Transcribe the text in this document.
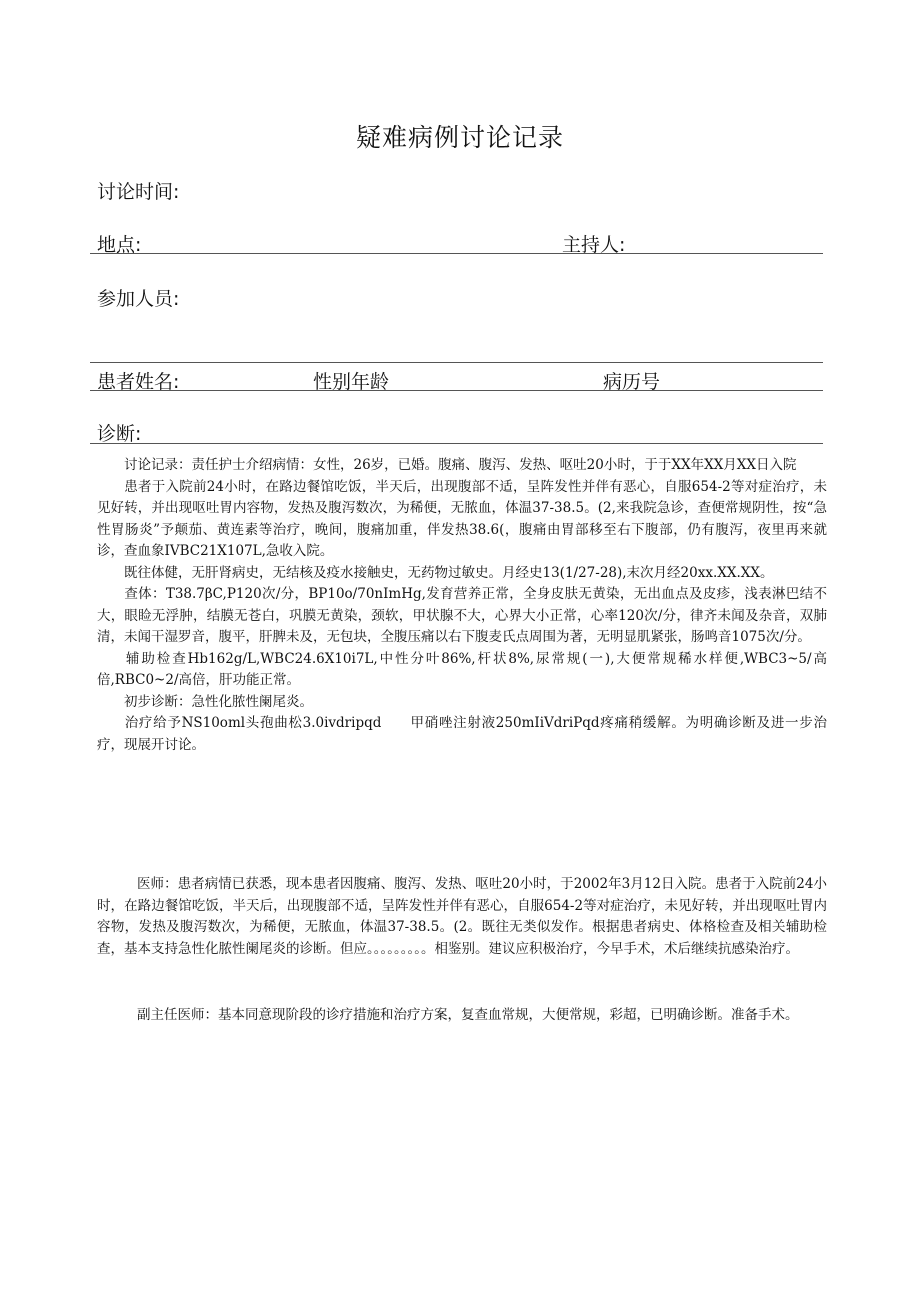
疑难病例讨论记录
讨论时间:
地点:	主持人:
参加人员:
患者姓名:	性别年龄	病历号
诊断:
讨论记录：责任护士介绍病情：女性，26岁，已婚。腹痛、腹泻、发热、呕吐20小时，于于XX年XX月XX日入院
患者于入院前24小时，在路边餐馆吃饭，半天后，出现腹部不适，呈阵发性并伴有恶心，自服654-2等对症治疗，未见好转，并出现呕吐胃内容物，发热及腹泻数次，为稀便，无脓血，体温37-38.5。(2,来我院急诊，查便常规阴性，按“急性胃肠炎”予颠茄、黄连素等治疗，晚间，腹痛加重，伴发热38.6(，腹痛由胃部移至右下腹部，仍有腹泻，夜里再来就诊，查血象IVBC21X107L,急收入院。
既往体健，无肝肾病史，无结核及疫水接触史，无药物过敏史。月经史13(1/27-28),末次月经20xx.XX.XX。
查体：T38.7βC,P120次/分，BP10o/70nImHg,发育营养正常，全身皮肤无黄染，无出血点及皮疹，浅表淋巴结不大，眼睑无浮肿，结膜无苍白，巩膜无黄染，颈软，甲状腺不大，心界大小正常，心率120次/分，律齐未闻及杂音，双肺清，未闻干湿罗音，腹平，肝脾未及，无包块，全腹压痛以右下腹麦氏点周围为著，无明显肌紧张，肠鸣音1075次/分。
辅助检查Hb162g/L,WBC24.6X10i7L,中性分叶86%,杆状8%,尿常规(一),大便常规稀水样便,WBC3~5/高倍,RBC0~2/高倍，肝功能正常。
初步诊断：急性化脓性阑尾炎。
治疗给予NS10oml头孢曲松3.0ivdripqd　　甲硝唑注射液250mIiVdriPqd疼痛稍缓解。为明确诊断及进一步治疗，现展开讨论。
医师：患者病情已获悉，现本患者因腹痛、腹泻、发热、呕吐20小时，于2002年3月12日入院。患者于入院前24小时，在路边餐馆吃饭，半天后，出现腹部不适，呈阵发性并伴有恶心，自服654-2等对症治疗，未见好转，并出现呕吐胃内容物，发热及腹泻数次，为稀便，无脓血，体温37-38.5。(2。既往无类似发作。根据患者病史、体格检查及相关辅助检查，基本支持急性化脓性阑尾炎的诊断。但应。。。。。。。。。相鉴别。建议应积极治疗，今早手术，术后继续抗感染治疗。
副主任医师：基本同意现阶段的诊疗措施和治疗方案，复查血常规，大便常规，彩超，已明确诊断。准备手术。
